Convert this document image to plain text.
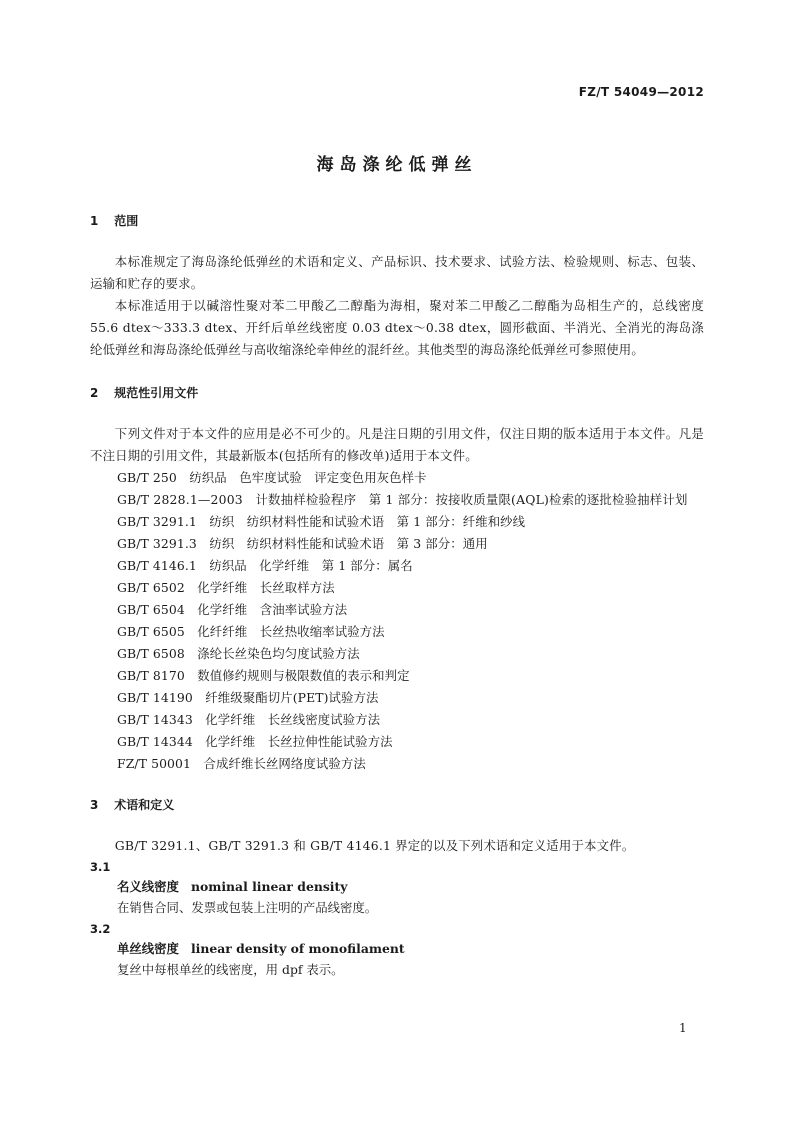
FZ/T 54049—2012
海岛涤纶低弹丝
1 范围

本标准规定了海岛涤纶低弹丝的术语和定义、产品标识、技术要求、试验方法、检验规则、标志、包装、运输和贮存的要求。

本标准适用于以碱溶性聚对苯二甲酸乙二醇酯为海相，聚对苯二甲酸乙二醇酯为岛相生产的，总线密度 55.6 dtex～333.3 dtex、开纤后单丝线密度 0.03 dtex～0.38 dtex，圆形截面、半消光、全消光的海岛涤纶低弹丝和海岛涤纶低弹丝与高收缩涤纶牵伸丝的混纤丝。其他类型的海岛涤纶低弹丝可参照使用。

2 规范性引用文件

下列文件对于本文件的应用是必不可少的。凡是注日期的引用文件，仅注日期的版本适用于本文件。凡是不注日期的引用文件，其最新版本(包括所有的修改单)适用于本文件。

GB/T 250　纺织品　色牢度试验　评定变色用灰色样卡

GB/T 2828.1—2003　计数抽样检验程序　第 1 部分：按接收质量限(AQL)检索的逐批检验抽样计划

GB/T 3291.1　纺织　纺织材料性能和试验术语　第 1 部分：纤维和纱线

GB/T 3291.3　纺织　纺织材料性能和试验术语　第 3 部分：通用

GB/T 4146.1　纺织品　化学纤维　第 1 部分：属名

GB/T 6502　化学纤维　长丝取样方法

GB/T 6504　化学纤维　含油率试验方法

GB/T 6505　化纤纤维　长丝热收缩率试验方法

GB/T 6508　涤纶长丝染色均匀度试验方法

GB/T 8170　数值修约规则与极限数值的表示和判定

GB/T 14190　纤维级聚酯切片(PET)试验方法

GB/T 14343　化学纤维　长丝线密度试验方法

GB/T 14344　化学纤维　长丝拉伸性能试验方法

FZ/T 50001　合成纤维长丝网络度试验方法

3 术语和定义

GB/T 3291.1、GB/T 3291.3 和 GB/T 4146.1 界定的以及下列术语和定义适用于本文件。

3.1

名义线密度 nominal linear density

在销售合同、发票或包装上注明的产品线密度。

3.2

单丝线密度 linear density of monofilament

复丝中每根单丝的线密度，用 dpf 表示。

1
